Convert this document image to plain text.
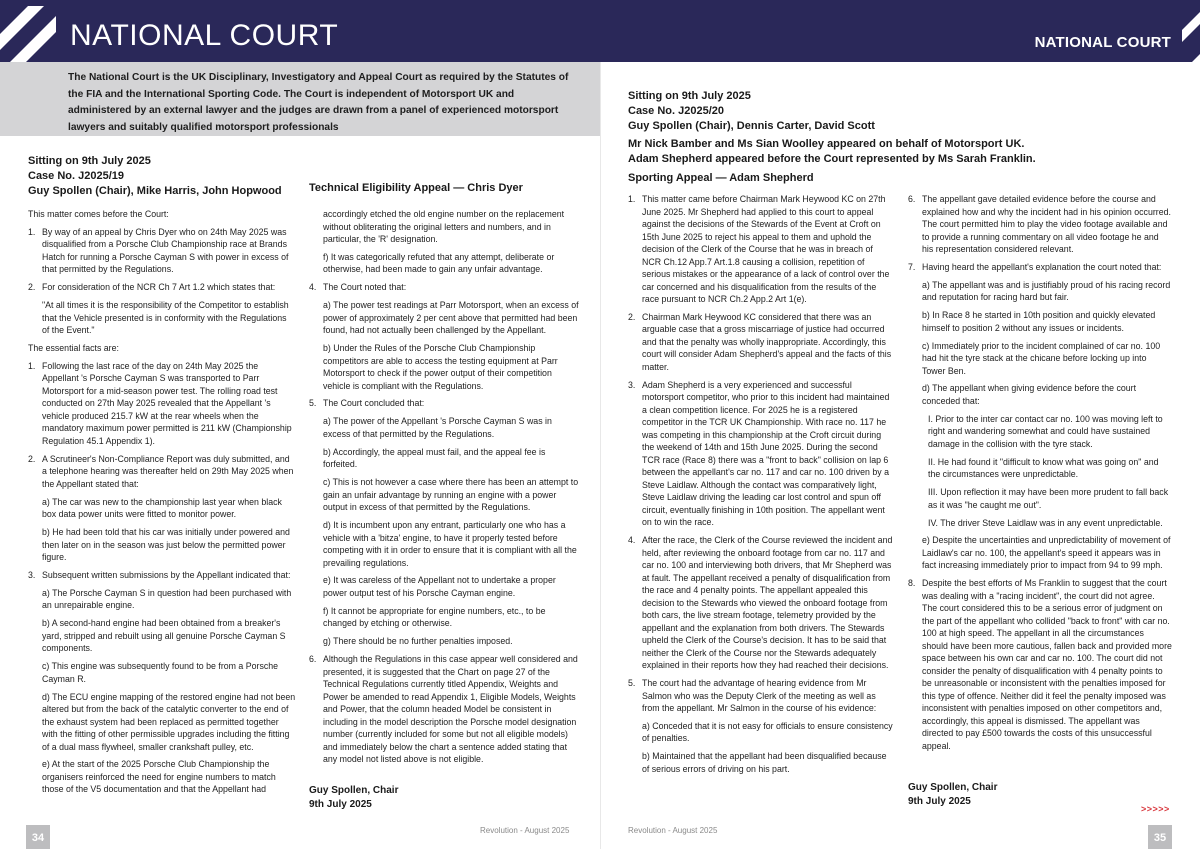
NATIONAL COURT	NATIONAL COURT
The National Court is the UK Disciplinary, Investigatory and Appeal Court as required by the Statutes of the FIA and the International Sporting Code. The Court is independent of Motorsport UK and administered by an external lawyer and the judges are drawn from a panel of experienced motorsport lawyers and suitably qualified motorsport professionals
Sitting on 9th July 2025
Case No. J2025/19
Guy Spollen (Chair), Mike Harris, John Hopwood Technical Eligibility Appeal — Chris Dyer
This matter comes before the Court:
1. By way of an appeal by Chris Dyer who on 24th May 2025 was disqualified from a Porsche Club Championship race at Brands Hatch for running a Porsche Cayman S with power in excess of that permitted by the Regulations.
2. For consideration of the NCR Ch 7 Art 1.2 which states that:
"At all times it is the responsibility of the Competitor to establish that the Vehicle presented is in conformity with the Regulations of the Event."
The essential facts are:
1. Following the last race of the day on 24th May 2025 the Appellant 's Porsche Cayman S was transported to Parr Motorsport for a mid-season power test. The rolling road test conducted on 27th May 2025 revealed that the Appellant 's vehicle produced 215.7 kW at the rear wheels when the mandatory maximum power permitted is 211 kW (Championship Regulation 45.1 Appendix 1).
2. A Scrutineer's Non-Compliance Report was duly submitted, and a telephone hearing was thereafter held on 29th May 2025 when the Appellant stated that:
a) The car was new to the championship last year when black box data power units were fitted to monitor power.
b) He had been told that his car was initially under powered and then later on in the season was just below the permitted power figure.
3. Subsequent written submissions by the Appellant indicated that:
a) The Porsche Cayman S in question had been purchased with an unrepairable engine.
b) A second-hand engine had been obtained from a breaker's yard, stripped and rebuilt using all genuine Porsche Cayman S components.
c) This engine was subsequently found to be from a Porsche Cayman R.
d) The ECU engine mapping of the restored engine had not been altered but from the back of the catalytic converter to the end of the exhaust system had been replaced as permitted together with the fitting of other permissible upgrades including the fitting of a dual mass flywheel, smaller crankshaft pulley, etc.
e) At the start of the 2025 Porsche Club Championship the organisers reinforced the need for engine numbers to match those of the V5 documentation and that the Appellant had
accordingly etched the old engine number on the replacement without obliterating the original letters and numbers, and in particular, the 'R' designation.
f) It was categorically refuted that any attempt, deliberate or otherwise, had been made to gain any unfair advantage.
4. The Court noted that:
a) The power test readings at Parr Motorsport, when an excess of power of approximately 2 per cent above that permitted had been found, had not actually been challenged by the Appellant.
b) Under the Rules of the Porsche Club Championship competitors are able to access the testing equipment at Parr Motorsport to check if the power output of their competition vehicle is compliant with the Regulations.
5. The Court concluded that:
a) The power of the Appellant 's Porsche Cayman S was in excess of that permitted by the Regulations.
b) Accordingly, the appeal must fail, and the appeal fee is forfeited.
c) This is not however a case where there has been an attempt to gain an unfair advantage by running an engine with a power output in excess of that permitted by the Regulations.
d) It is incumbent upon any entrant, particularly one who has a vehicle with a 'bitza' engine, to have it properly tested before competing with it in order to ensure that it is compliant with all the prevailing regulations.
e) It was careless of the Appellant not to undertake a proper power output test of his Porsche Cayman engine.
f) It cannot be appropriate for engine numbers, etc., to be changed by etching or otherwise.
g) There should be no further penalties imposed.
6. Although the Regulations in this case appear well considered and presented, it is suggested that the Chart on page 27 of the Technical Regulations currently titled Appendix, Weights and Power be amended to read Appendix 1, Eligible Models, Weights and Power, that the column headed Model be consistent in including in the model description the Porsche model designation number (currently included for some but not all eligible models) and immediately below the chart a sentence added stating that any model not listed above is not eligible.
Guy Spollen, Chair
9th July 2025
Sitting on 9th July 2025
Case No. J2025/20
Guy Spollen (Chair), Dennis Carter, David Scott
Mr Nick Bamber and Ms Sian Woolley appeared on behalf of Motorsport UK.
Adam Shepherd appeared before the Court represented by Ms Sarah Franklin.
Sporting Appeal — Adam Shepherd
1. This matter came before Chairman Mark Heywood KC on 27th June 2025. Mr Shepherd had applied to this court to appeal against the decisions of the Stewards of the Event at Croft on 15th June 2025 to reject his appeal to them and uphold the decision of the Clerk of the Course that he was in breach of NCR Ch.12 App.7 Art.1.8 causing a collision, repetition of serious mistakes or the appearance of a lack of control over the car concerned and his disqualification from the results of the race pursuant to NCR Ch.2 App.2 Art 1(e).
2. Chairman Mark Heywood KC considered that there was an arguable case that a gross miscarriage of justice had occurred and that the penalty was wholly inappropriate. Accordingly, this court will consider Adam Shepherd's appeal and the facts of this matter.
3. Adam Shepherd is a very experienced and successful motorsport competitor, who prior to this incident had maintained a clean competition licence. For 2025 he is a registered competitor in the TCR UK Championship. With race no. 117 he was competing in this championship at the Croft circuit during the weekend of 14th and 15th June 2025. During the second TCR race (Race 8) there was a "front to back" collision on lap 6 between the appellant's car no. 117 and car no. 100 driven by a Steve Laidlaw. Although the contact was comparatively light, Steve Laidlaw driving the leading car lost control and spun off circuit, eventually finishing in 10th position. The appellant went on to win the race.
4. After the race, the Clerk of the Course reviewed the incident and held, after reviewing the onboard footage from car no. 117 and car no. 100 and interviewing both drivers, that Mr Shepherd was at fault. The appellant received a penalty of disqualification from the race and 4 penalty points. The appellant appealed this decision to the Stewards who viewed the onboard footage from both cars, the live stream footage, telemetry provided by the appellant and the explanation from both drivers. The Stewards upheld the Clerk of the Course's decision. It has to be said that neither the Clerk of the Course nor the Stewards adequately explained in their reports how they had reached their decisions.
5. The court had the advantage of hearing evidence from Mr Salmon who was the Deputy Clerk of the meeting as well as from the appellant. Mr Salmon in the course of his evidence:
a) Conceded that it is not easy for officials to ensure consistency of penalties.
b) Maintained that the appellant had been disqualified because of serious errors of driving on his part.
6. The appellant gave detailed evidence before the course and explained how and why the incident had in his opinion occurred. The court permitted him to play the video footage available and to provide a running commentary on all video footage he and his representation considered relevant.
7. Having heard the appellant's explanation the court noted that:
a) The appellant was and is justifiably proud of his racing record and reputation for racing hard but fair.
b) In Race 8 he started in 10th position and quickly elevated himself to position 2 without any issues or incidents.
c) Immediately prior to the incident complained of car no. 100 had hit the tyre stack at the chicane before locking up into Tower Ben.
d) The appellant when giving evidence before the court conceded that:
I. Prior to the inter car contact car no. 100 was moving left to right and wandering somewhat and could have sustained damage in the collision with the tyre stack.
II. He had found it "difficult to know what was going on" and the circumstances were unpredictable.
III. Upon reflection it may have been more prudent to fall back as it was "he caught me out".
IV. The driver Steve Laidlaw was in any event unpredictable.
e) Despite the uncertainties and unpredictability of movement of Laidlaw's car no. 100, the appellant's speed it appears was in fact increasing immediately prior to impact from 94 to 99 mph.
8. Despite the best efforts of Ms Franklin to suggest that the court was dealing with a "racing incident", the court did not agree. The court considered this to be a serious error of judgment on the part of the appellant who collided "back to front" with car no. 100 at high speed. The appellant in all the circumstances should have been more cautious, fallen back and provided more space between his own car and car no. 100. The court did not consider the penalty of disqualification with 4 penalty points to be unreasonable or inconsistent with the penalties imposed for this type of offence. Neither did it feel the penalty imposed was inconsistent with penalties imposed on other competitors and, accordingly, this appeal is dismissed. The appellant was directed to pay £500 towards the costs of this unsuccessful appeal.
Guy Spollen, Chair
9th July 2025
>>>>>
34
Revolution - August 2025	Revolution - August 2025
35
